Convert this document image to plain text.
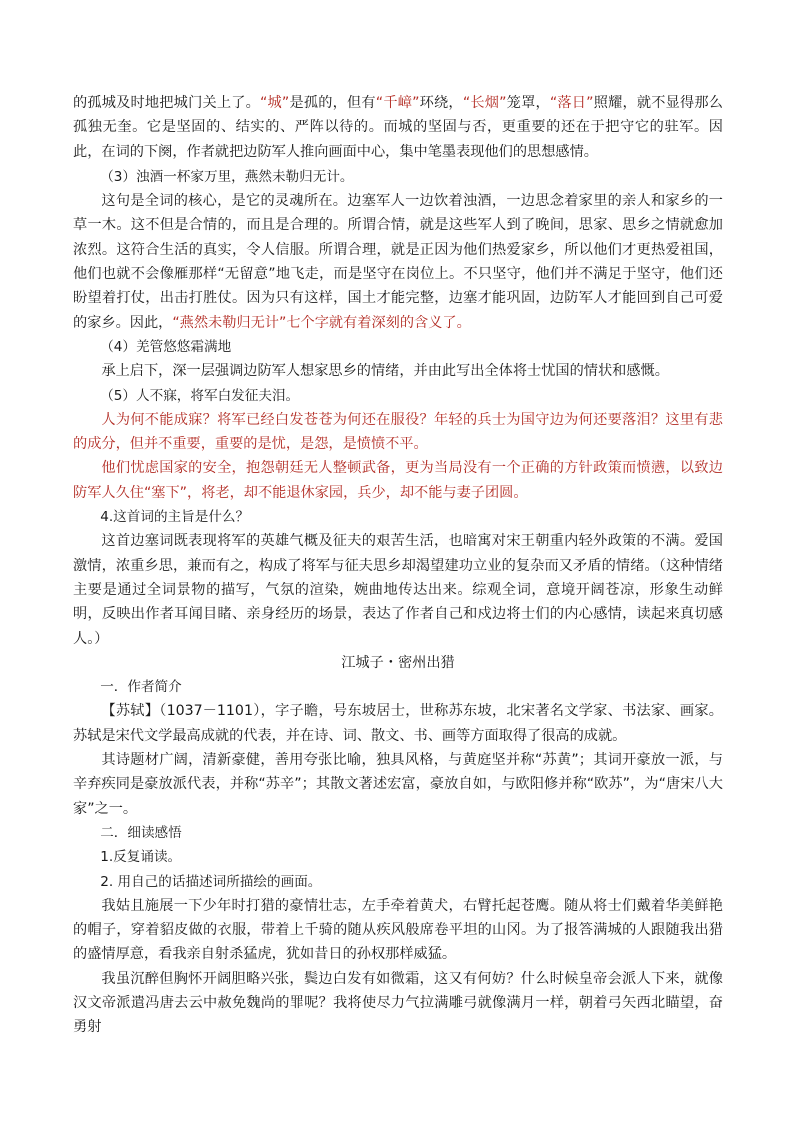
的孤城及时地把城门关上了。“城”是孤的，但有“千嶂”环绕，“长烟”笼罩，“落日”照耀，就不显得那么孤独无奎。它是坚固的、结实的、严阵以待的。而城的坚固与否，更重要的还在于把守它的驻军。因此，在词的下阕，作者就把边防军人推向画面中心，集中笔墨表现他们的思想感情。

（3）浊酒一杯家万里，燕然未勒归无计。

这句是全词的核心，是它的灵魂所在。边塞军人一边饮着浊酒，一边思念着家里的亲人和家乡的一草一木。这不但是合情的，而且是合理的。所谓合情，就是这些军人到了晚间，思家、思乡之情就愈加浓烈。这符合生活的真实，令人信服。所谓合理，就是正因为他们热爱家乡，所以他们才更热爱祖国，他们也就不会像雁那样“无留意”地飞走，而是坚守在岗位上。不只坚守，他们并不满足于坚守，他们还盼望着打仗，出击打胜仗。因为只有这样，国土才能完整，边塞才能巩固，边防军人才能回到自己可爱的家乡。因此，“燕然未勒归无计”七个字就有着深刻的含义了。

（4）羌管悠悠霜满地

承上启下，深一层强调边防军人想家思乡的情绪，并由此写出全体将士忧国的情状和感慨。

（5）人不寐，将军白发征夫泪。

人为何不能成寐？将军已经白发苍苍为何还在服役？年轻的兵士为国守边为何还要落泪？这里有悲的成分，但并不重要，重要的是忧，是怨，是愤愤不平。

他们忧虑国家的安全，抱怨朝廷无人整顿武备，更为当局没有一个正确的方针政策而愤懑，以致边防军人久住“塞下”，将老，却不能退休家园，兵少，却不能与妻子团圆。

4.这首词的主旨是什么？

这首边塞词既表现将军的英雄气概及征夫的艰苦生活，也暗寓对宋王朝重内轻外政策的不满。爱国激情，浓重乡思，兼而有之，构成了将军与征夫思乡却渴望建功立业的复杂而又矛盾的情绪。（这种情绪主要是通过全词景物的描写，气氛的渲染，婉曲地传达出来。综观全词，意境开阔苍凉，形象生动鲜明，反映出作者耳闻目睹、亲身经历的场景，表达了作者自己和戍边将士们的内心感情，读起来真切感人。）

江城子・密州出猎

一．作者简介

【苏轼】（1037－1101），字子瞻，号东坡居士，世称苏东坡，北宋著名文学家、书法家、画家。苏轼是宋代文学最高成就的代表，并在诗、词、散文、书、画等方面取得了很高的成就。

其诗题材广阔，清新豪健，善用夸张比喻，独具风格，与黄庭坚并称“苏黄”；其词开豪放一派，与辛弃疾同是豪放派代表，并称“苏辛”；其散文著述宏富，豪放自如，与欧阳修并称“欧苏”，为“唐宋八大家”之一。

二．细读感悟

1.反复诵读。

2. 用自己的话描述词所描绘的画面。

我姑且施展一下少年时打猎的豪情壮志，左手牵着黄犬，右臂托起苍鹰。随从将士们戴着华美鲜艳的帽子，穿着貂皮做的衣服，带着上千骑的随从疾风般席卷平坦的山冈。为了报答满城的人跟随我出猎的盛情厚意，看我亲自射杀猛虎，犹如昔日的孙权那样威猛。

我虽沉醉但胸怀开阔胆略兴张，鬓边白发有如微霜，这又有何妨？什么时候皇帝会派人下来，就像汉文帝派遣冯唐去云中赦免魏尚的罪呢？我将使尽力气拉满雕弓就像满月一样，朝着弓矢西北瞄望，奋勇射
